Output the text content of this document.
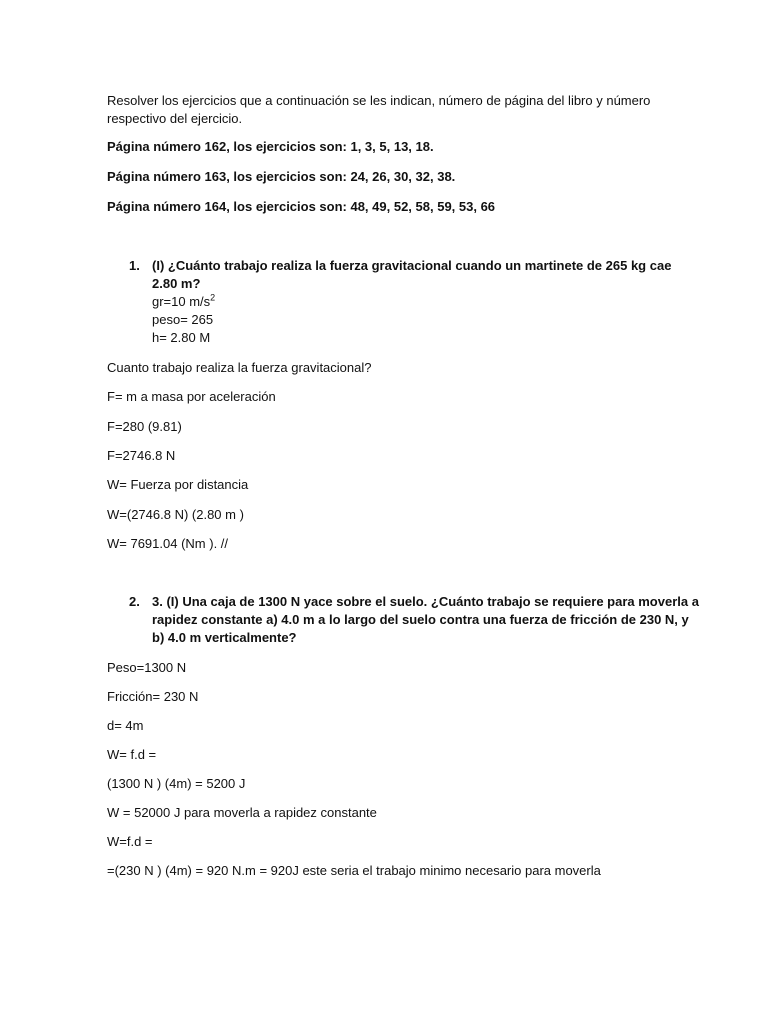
Resolver los ejercicios que a continuación se les indican, número de página del libro y número
respectivo del ejercicio.
Página número 162, los ejercicios son: 1, 3, 5, 13, 18.
Página número 163, los ejercicios son: 24, 26, 30, 32, 38.
Página número 164, los ejercicios son: 48, 49, 52, 58, 59, 53, 66
1. (I) ¿Cuánto trabajo realiza la fuerza gravitacional cuando un martinete de 265 kg cae
2.80 m?
gr=10 $m/s^2$
peso= 265
h= 2.80 M
Cuanto trabajo realiza la fuerza gravitacional?
F= m a masa por aceleración
F=280 (9.81)
F=2746.8 N
W= Fuerza por distancia
W=(2746.8 N) (2.80 m )
W= 7691.04 (Nm ). //
2. 3. (I) Una caja de 1300 N yace sobre el suelo. ¿Cuánto trabajo se requiere para moverla a
rapidez constante a) 4.0 m a lo largo del suelo contra una fuerza de fricción de 230 N, y
b) 4.0 m verticalmente?
Peso=1300 N
Fricción= 230 N
d= 4m
W= f.d =
(1300 N ) (4m) = 5200 J
W = 52000 J para moverla a rapidez constante
W=f.d =
=(230 N ) (4m) = 920 N.m = 920J este seria el trabajo minimo necesario para moverla
